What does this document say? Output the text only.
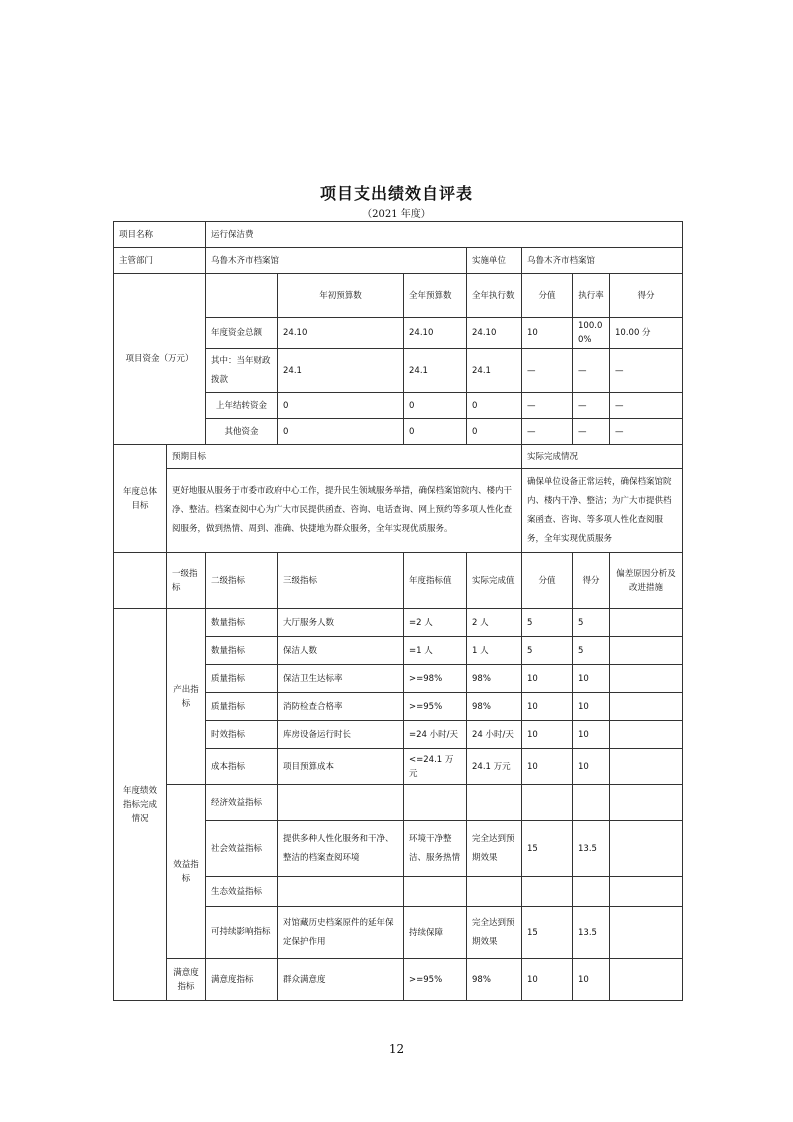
项目支出绩效自评表
（2021 年度）
项目名称		运行保洁费						
主管部门		乌鲁木齐市档案馆			实施单位	乌鲁木齐市档案馆		
项目资金（万元）			年初预算数	全年预算数	全年执行数	分值	执行率	得分
		年度资金总额	24.10	24.10	24.10	10	100.00%	10.00 分
		其中：当年财政拨款	24.1	24.1	24.1	—	—	—
		上年结转资金	0	0	0	—	—	—
		其他资金	0	0	0	—	—	—
年度总体目标	预期目标					实际完成情况		
	更好地服从服务于市委市政府中心工作，提升民生领域服务举措，确保档案馆院内、楼内干净、整洁。档案查阅中心为广大市民提供函查、咨询、电话查询、网上预约等多项人性化查阅服务，做到热情、周到、准确、快捷地为群众服务，全年实现优质服务。					确保单位设备正常运转，确保档案馆院内、楼内干净、整洁；为广大市提供档案函查、咨询、等多项人性化查阅服务，全年实现优质服务		
	一级指标	二级指标	三级指标	年度指标值	实际完成值	分值	得分	偏差原因分析及改进措施
年度绩效指标完成情况	产出指标	数量指标	大厅服务人数	=2 人	2 人	5	5	
		数量指标	保洁人数	=1 人	1 人	5	5	
		质量指标	保洁卫生达标率	>=98%	98%	10	10	
		质量指标	消防检查合格率	>=95%	98%	10	10	
		时效指标	库房设备运行时长	=24 小时/天	24 小时/天	10	10	
		成本指标	项目预算成本	<=24.1 万元	24.1 万元	10	10	
	效益指标	经济效益指标						
		社会效益指标	提供多种人性化服务和干净、整洁的档案查阅环境	环境干净整洁、服务热情	完全达到预期效果	15	13.5	
		生态效益指标						
		可持续影响指标	对馆藏历史档案原件的延年保定保护作用	持续保障	完全达到预期效果	15	13.5	
	满意度指标	满意度指标	群众满意度	>=95%	98%	10	10	
12
